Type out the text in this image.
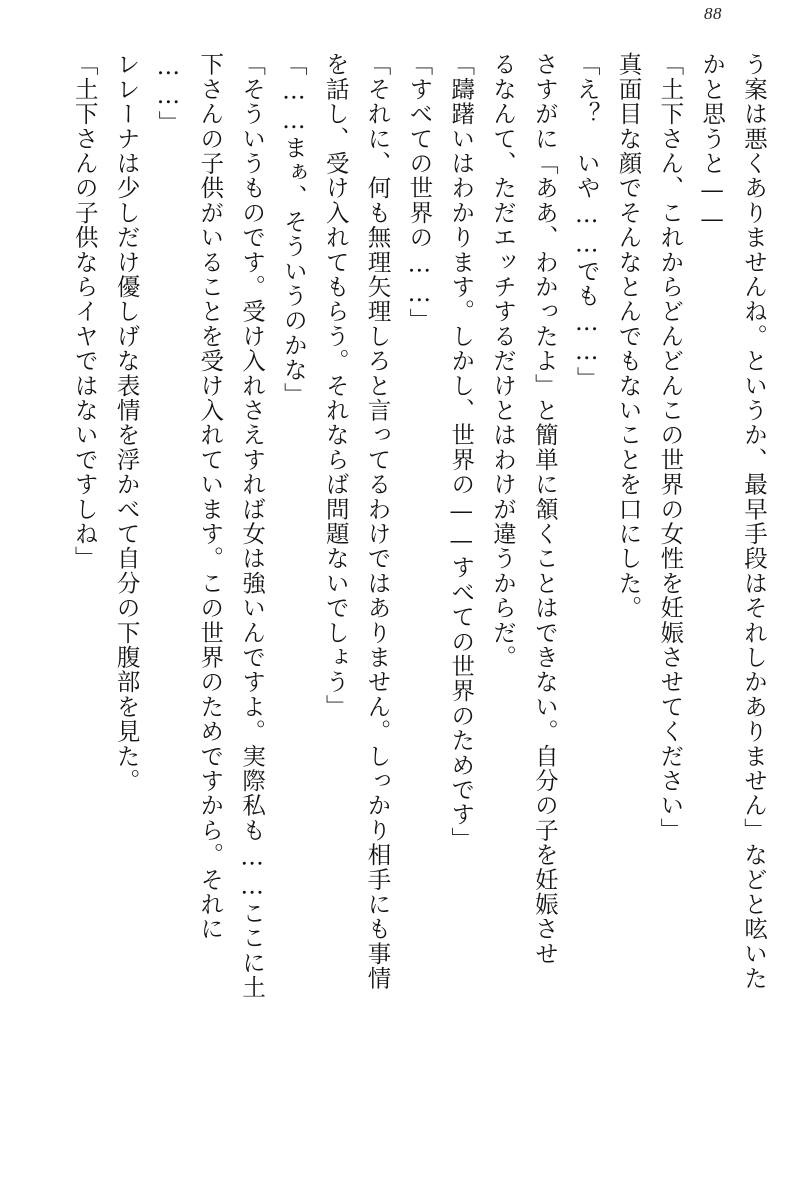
88

う案は悪くありませんね。というか、最早手段はそれしかありません」などと呟いた

かと思うと——

「土下さん、これからどんどんこの世界の女性を妊娠させてください」

真面目な顔でそんなとんでもないことを口にした。

「え？　いや……でも……」

さすがに「ああ、わかったよ」と簡単に頷くことはできない。自分の子を妊娠させ

るなんて、ただエッチするだけとはわけが違うからだ。

「躊躇いはわかります。しかし、世界の——すべての世界のためです」

「すべての世界の……」

「それに、何も無理矢理しろと言ってるわけではありません。しっかり相手にも事情

を話し、受け入れてもらう。それならば問題ないでしょう」

「……まぁ、そういうのかな」

「そういうものです。受け入れさえすれば女は強いんですよ。実際私も……ここに土

下さんの子供がいることを受け入れています。この世界のためですから。それに

……」

レレーナは少しだけ優しげな表情を浮かべて自分の下腹部を見た。

「土下さんの子供ならイヤではないですしね」
